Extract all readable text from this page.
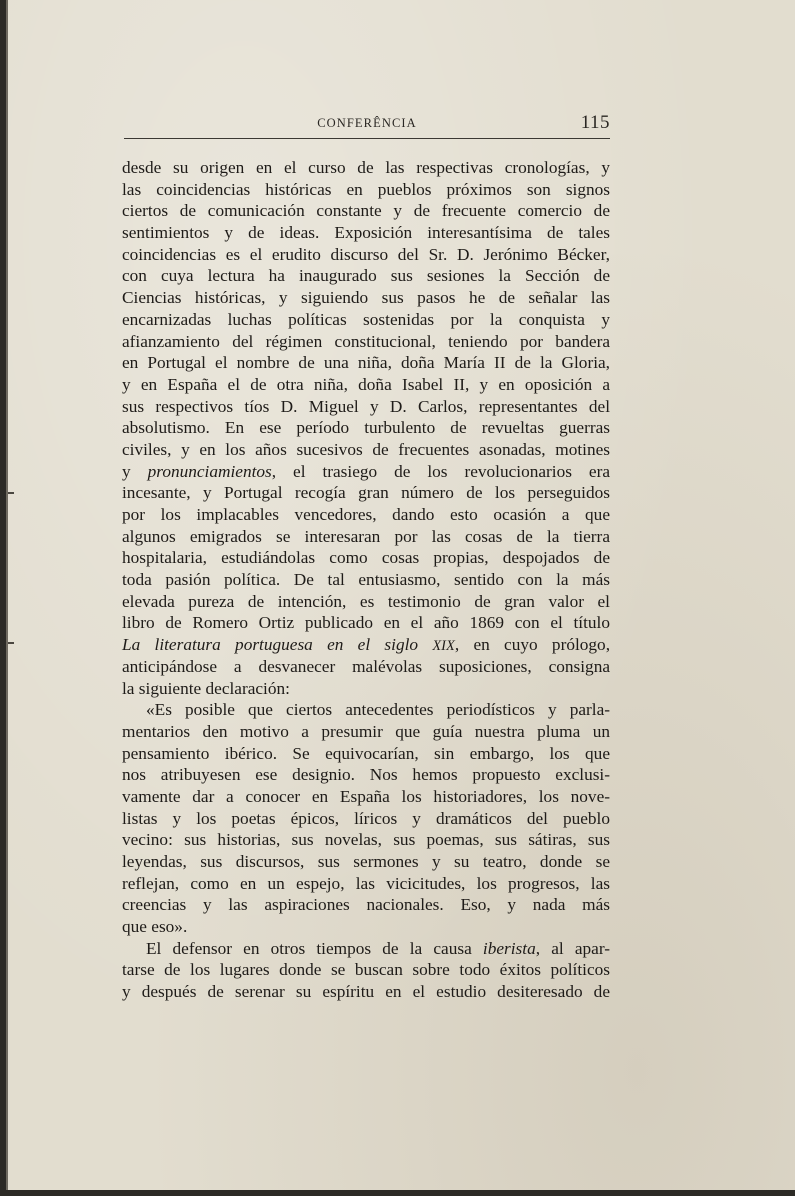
CONFERÊNCIA	115
desde su origen en el curso de las respectivas cronologías, y
las coincidencias históricas en pueblos próximos son signos
ciertos de comunicación constante y de frecuente comercio de
sentimientos y de ideas. Exposición interesantísima de tales
coincidencias es el erudito discurso del Sr. D. Jerónimo Bécker,
con cuya lectura ha inaugurado sus sesiones la Sección de
Ciencias históricas, y siguiendo sus pasos he de señalar las
encarnizadas luchas políticas sostenidas por la conquista y
afianzamiento del régimen constitucional, teniendo por bandera
en Portugal el nombre de una niña, doña María II de la Gloria,
y en España el de otra niña, doña Isabel II, y en oposición a
sus respectivos tíos D. Miguel y D. Carlos, representantes del
absolutismo. En ese período turbulento de revueltas guerras
civiles, y en los años sucesivos de frecuentes asonadas, motines
y pronunciamientos, el trasiego de los revolucionarios era
incesante, y Portugal recogía gran número de los perseguidos
por los implacables vencedores, dando esto ocasión a que
algunos emigrados se interesaran por las cosas de la tierra
hospitalaria, estudiándolas como cosas propias, despojados de
toda pasión política. De tal entusiasmo, sentido con la más
elevada pureza de intención, es testimonio de gran valor el
libro de Romero Ortiz publicado en el año 1869 con el título
La literatura portuguesa en el siglo XIX, en cuyo prólogo,
anticipándose a desvanecer malévolas suposiciones, consigna
la siguiente declaración:
«Es posible que ciertos antecedentes periodísticos y parla-
mentarios den motivo a presumir que guía nuestra pluma un
pensamiento ibérico. Se equivocarían, sin embargo, los que
nos atribuyesen ese designio. Nos hemos propuesto exclusi-
vamente dar a conocer en España los historiadores, los nove-
listas y los poetas épicos, líricos y dramáticos del pueblo
vecino: sus historias, sus novelas, sus poemas, sus sátiras, sus
leyendas, sus discursos, sus sermones y su teatro, donde se
reflejan, como en un espejo, las vicicitudes, los progresos, las
creencias y las aspiraciones nacionales. Eso, y nada más
que eso».
El defensor en otros tiempos de la causa iberista, al apar-
tarse de los lugares donde se buscan sobre todo éxitos políticos
y después de serenar su espíritu en el estudio desiteresado de
